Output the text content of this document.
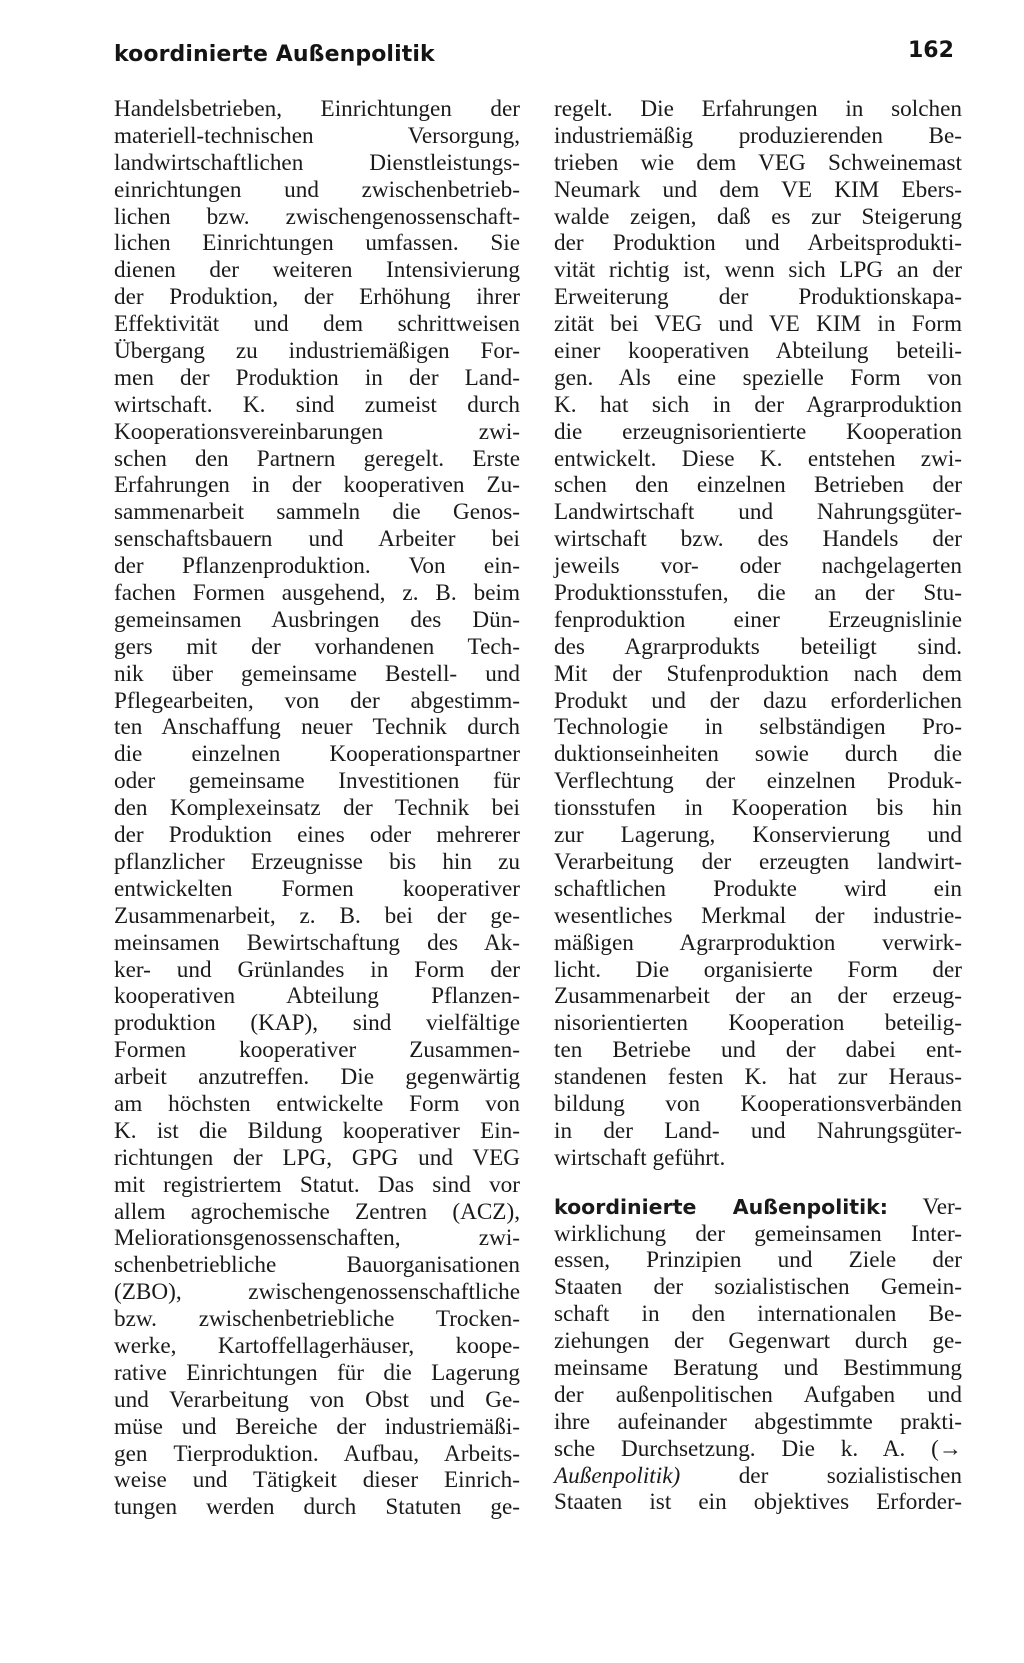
koordinierte Außenpolitik	162
Handelsbetrieben, Einrichtungen der
materiell-technischen Versorgung,
landwirtschaftlichen Dienstleistungs-
einrichtungen und zwischenbetrieb-
lichen bzw. zwischengenossenschaft-
lichen Einrichtungen umfassen. Sie
dienen der weiteren Intensivierung
der Produktion, der Erhöhung ihrer
Effektivität und dem schrittweisen
Übergang zu industriemäßigen For-
men der Produktion in der Land-
wirtschaft. K. sind zumeist durch
Kooperationsvereinbarungen zwi-
schen den Partnern geregelt. Erste
Erfahrungen in der kooperativen Zu-
sammenarbeit sammeln die Genos-
senschaftsbauern und Arbeiter bei
der Pflanzenproduktion. Von ein-
fachen Formen ausgehend, z. B. beim
gemeinsamen Ausbringen des Dün-
gers mit der vorhandenen Tech-
nik über gemeinsame Bestell- und
Pflegearbeiten, von der abgestimm-
ten Anschaffung neuer Technik durch
die einzelnen Kooperationspartner
oder gemeinsame Investitionen für
den Komplexeinsatz der Technik bei
der Produktion eines oder mehrerer
pflanzlicher Erzeugnisse bis hin zu
entwickelten Formen kooperativer
Zusammenarbeit, z. B. bei der ge-
meinsamen Bewirtschaftung des Ak-
ker- und Grünlandes in Form der
kooperativen Abteilung Pflanzen-
produktion (KAP), sind vielfältige
Formen kooperativer Zusammen-
arbeit anzutreffen. Die gegenwärtig
am höchsten entwickelte Form von
K. ist die Bildung kooperativer Ein-
richtungen der LPG, GPG und VEG
mit registriertem Statut. Das sind vor
allem agrochemische Zentren (ACZ),
Meliorationsgenossenschaften, zwi-
schenbetriebliche Bauorganisationen
(ZBO), zwischengenossenschaftliche
bzw. zwischenbetriebliche Trocken-
werke, Kartoffellagerhäuser, koope-
rative Einrichtungen für die Lagerung
und Verarbeitung von Obst und Ge-
müse und Bereiche der industriemäßi-
gen Tierproduktion. Aufbau, Arbeits-
weise und Tätigkeit dieser Einrich-
tungen werden durch Statuten ge-
regelt. Die Erfahrungen in solchen
industriemäßig produzierenden Be-
trieben wie dem VEG Schweinemast
Neumark und dem VE KIM Ebers-
walde zeigen, daß es zur Steigerung
der Produktion und Arbeitsprodukti-
vität richtig ist, wenn sich LPG an der
Erweiterung der Produktionskapa-
zität bei VEG und VE KIM in Form
einer kooperativen Abteilung beteili-
gen. Als eine spezielle Form von
K. hat sich in der Agrarproduktion
die erzeugnisorientierte Kooperation
entwickelt. Diese K. entstehen zwi-
schen den einzelnen Betrieben der
Landwirtschaft und Nahrungsgüter-
wirtschaft bzw. des Handels der
jeweils vor- oder nachgelagerten
Produktionsstufen, die an der Stu-
fenproduktion einer Erzeugnislinie
des Agrarprodukts beteiligt sind.
Mit der Stufenproduktion nach dem
Produkt und der dazu erforderlichen
Technologie in selbständigen Pro-
duktionseinheiten sowie durch die
Verflechtung der einzelnen Produk-
tionsstufen in Kooperation bis hin
zur Lagerung, Konservierung und
Verarbeitung der erzeugten landwirt-
schaftlichen Produkte wird ein
wesentliches Merkmal der industrie-
mäßigen Agrarproduktion verwirk-
licht. Die organisierte Form der
Zusammenarbeit der an der erzeug-
nisorientierten Kooperation beteilig-
ten Betriebe und der dabei ent-
standenen festen K. hat zur Heraus-
bildung von Kooperationsverbänden
in der Land- und Nahrungsgüter-
wirtschaft geführt.
koordinierte Außenpolitik: Ver-
wirklichung der gemeinsamen Inter-
essen, Prinzipien und Ziele der
Staaten der sozialistischen Gemein-
schaft in den internationalen Be-
ziehungen der Gegenwart durch ge-
meinsame Beratung und Bestimmung
der außenpolitischen Aufgaben und
ihre aufeinander abgestimmte prakti-
sche Durchsetzung. Die k. A. (→
Außenpolitik) der sozialistischen
Staaten ist ein objektives Erforder-
